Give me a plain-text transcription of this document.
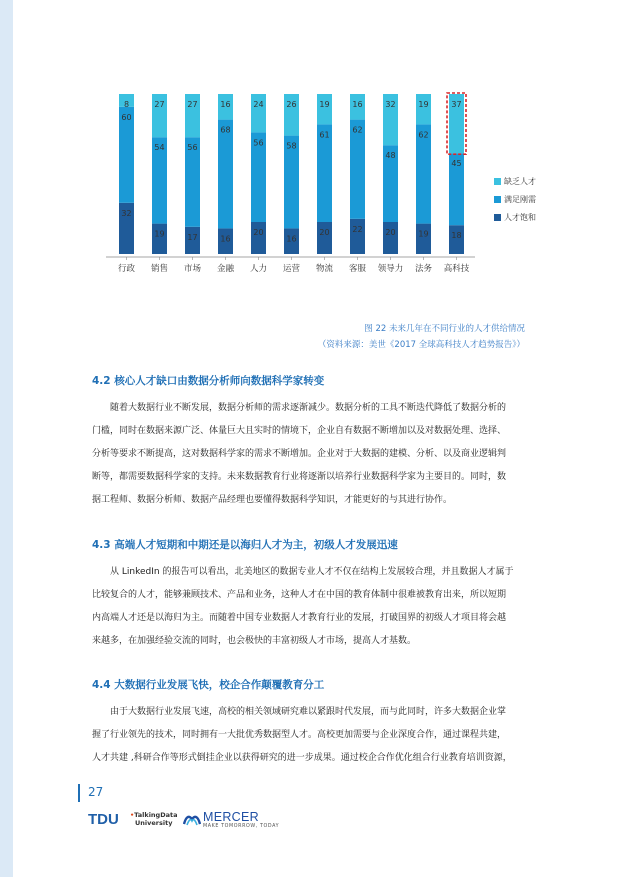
32
60
8
行政
19
54
27
销售
17
56
27
市场
16
68
16
金融
20
56
24
人力
16
58
26
运营
20
61
19
物流
22
62
16
客服
20
48
32
领导力
19
62
19
法务
18
45
37
高科技
缺乏人才
满足刚需
人才饱和
图 22 未来几年在不同行业的人才供给情况
（资料来源：美世《2017 全球高科技人才趋势报告》）
4.2 核心人才缺口由数据分析师向数据科学家转变

随着大数据行业不断发展，数据分析师的需求逐渐减少。数据分析的工具不断迭代降低了数据分析的

门槛，同时在数据来源广泛、体量巨大且实时的情境下，企业自有数据不断增加以及对数据处理、选择、

分析等要求不断提高，这对数据科学家的需求不断增加。企业对于大数据的建模、分析、以及商业逻辑判

断等，都需要数据科学家的支持。未来数据教育行业将逐渐以培养行业数据科学家为主要目的。同时，数

据工程师、数据分析师、数据产品经理也要懂得数据科学知识，才能更好的与其进行协作。

4.3 高端人才短期和中期还是以海归人才为主，初级人才发展迅速

从 LinkedIn 的报告可以看出，北美地区的数据专业人才不仅在结构上发展较合理，并且数据人才属于

比较复合的人才，能够兼顾技术、产品和业务，这种人才在中国的教育体制中很难被教育出来，所以短期

内高端人才还是以海归为主。而随着中国专业数据人才教育行业的发展，打破国界的初级人才项目将会越

来越多，在加强经验交流的同时，也会极快的丰富初级人才市场，提高人才基数。

4.4 大数据行业发展飞快，校企合作颠覆教育分工

由于大数据行业发展飞速，高校的相关领域研究难以紧跟时代发展，而与此同时，许多大数据企业掌

握了行业领先的技术，同时拥有一大批优秀数据型人才。高校更加需要与企业深度合作，通过课程共建，

人才共建 ,科研合作等形式倒挂企业以获得研究的进一步成果。通过校企合作优化组合行业教育培训资源，

27
TDU •TalkingData
University	MERCER
MAKE TOMORROW, TODAY
